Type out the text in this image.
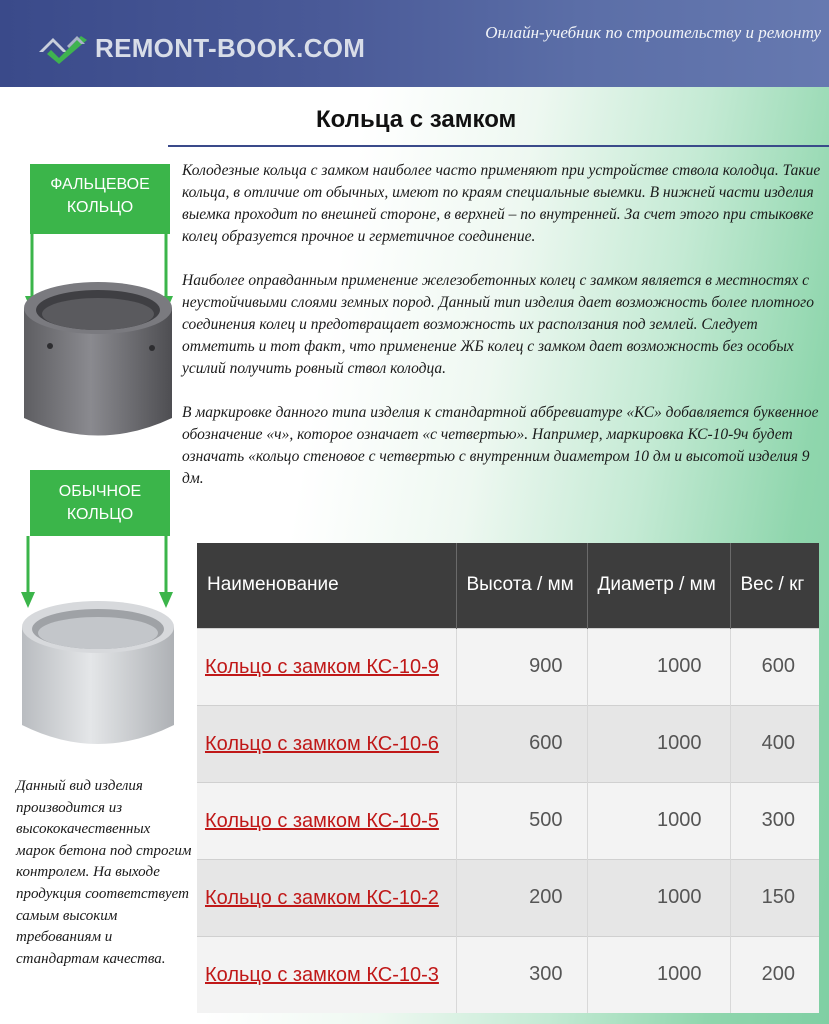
REMONT-BOOK.COM	Онлайн-учебник по строительству и ремонту
Кольца с замком
ФАЛЬЦЕВОЕ
КОЛЬЦО
ОБЫЧНОЕ
КОЛЬЦО

Колодезные кольца с замком наиболее часто применяют при устройстве ствола колодца. Такие кольца, в отличие от обычных, имеют по краям специальные выемки. В нижней части изделия выемка проходит по внешней стороне, в верхней – по внутренней. За счет этого при стыковке колец образуется прочное и герметичное соединение.

Наиболее оправданным применение железобетонных колец с замком является в местностях с неустойчивыми слоями земных пород. Данный тип изделия дает возможность более плотного соединения колец и предотвращает возможность их расползания под землей. Следует отметить и тот факт, что применение ЖБ колец с замком дает возможность без особых усилий получить ровный ствол колодца.

В маркировке данного типа изделия к стандартной аббревиатуре «КС» добавляется буквенное обозначение «ч», которое означает «с четвертью». Например, маркировка КС-10-9ч будет означать «кольцо стеновое с четвертью с внутренним диаметром 10 дм и высотой изделия 9 дм.

Данный вид изделия производится из высококачественных марок бетона под строгим контролем. На выходе продукция соответствует самым высоким требованиям и стандартам качества.
Наименование	Высота / мм	Диаметр / мм	Вес / кг

Кольцо с замком КС-10-9	900	1000	600

Кольцо с замком КС-10-6	600	1000	400

Кольцо с замком КС-10-5	500	1000	300

Кольцо с замком КС-10-2	200	1000	150

Кольцо с замком КС-10-3	300	1000	200
